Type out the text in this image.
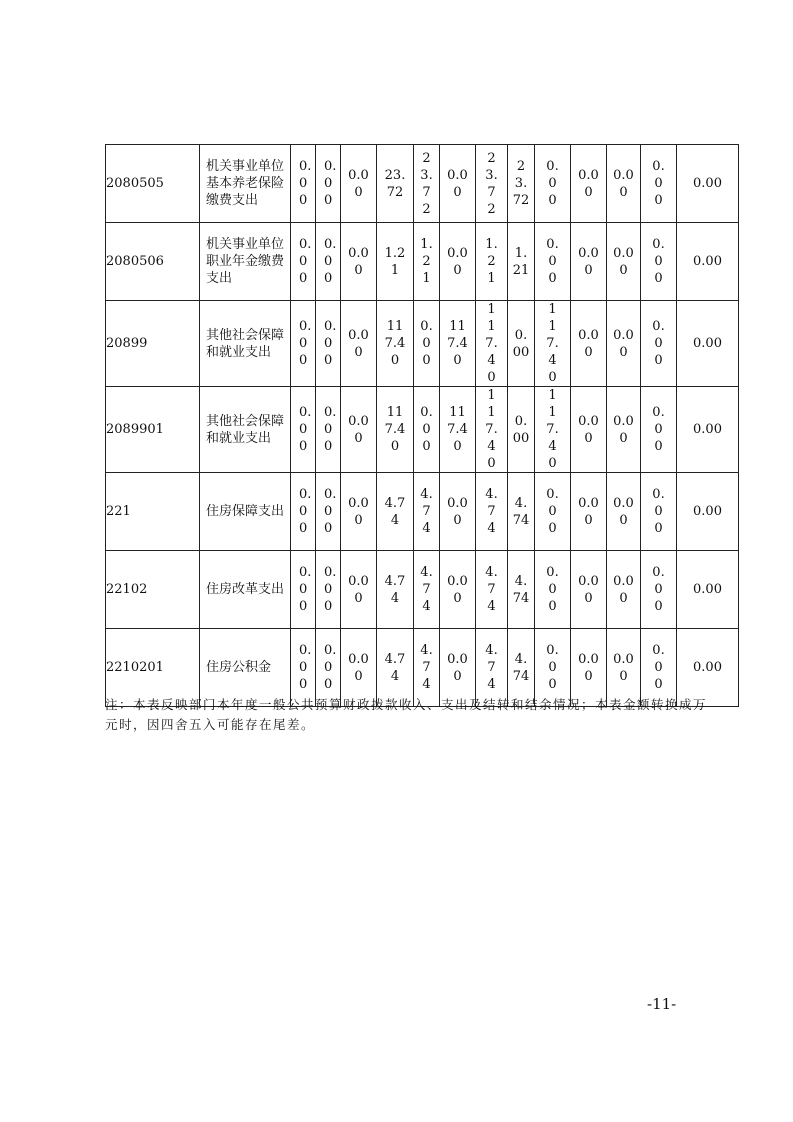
2080505	机关事业单位基本养老保险缴费支出	0.00	0.00	0.00	23.72	23.72	0.00	23.72	23.72	0.00	0.00	0.00	0.00	0.00

2080506	机关事业单位职业年金缴费支出	0.00	0.00	0.00	1.21	1.21	0.00	1.21	1.21	0.00	0.00	0.00	0.00	0.00

20899	其他社会保障和就业支出	0.00	0.00	0.00	117.40	0.00	117.40	117.40	0.00	117.40	0.00	0.00	0.00	0.00

2089901	其他社会保障和就业支出	0.00	0.00	0.00	117.40	0.00	117.40	117.40	0.00	117.40	0.00	0.00	0.00	0.00

221	住房保障支出	0.00	0.00	0.00	4.74	4.74	0.00	4.74	4.74	0.00	0.00	0.00	0.00	0.00

22102	住房改革支出	0.00	0.00	0.00	4.74	4.74	0.00	4.74	4.74	0.00	0.00	0.00	0.00	0.00

2210201	住房公积金	0.00	0.00	0.00	4.74	4.74	0.00	4.74	4.74	0.00	0.00	0.00	0.00	0.00
注：本表反映部门本年度一般公共预算财政拨款收入、支出及结转和结余情况；本表金额转换成万元时，因四舍五入可能存在尾差。
-11-
